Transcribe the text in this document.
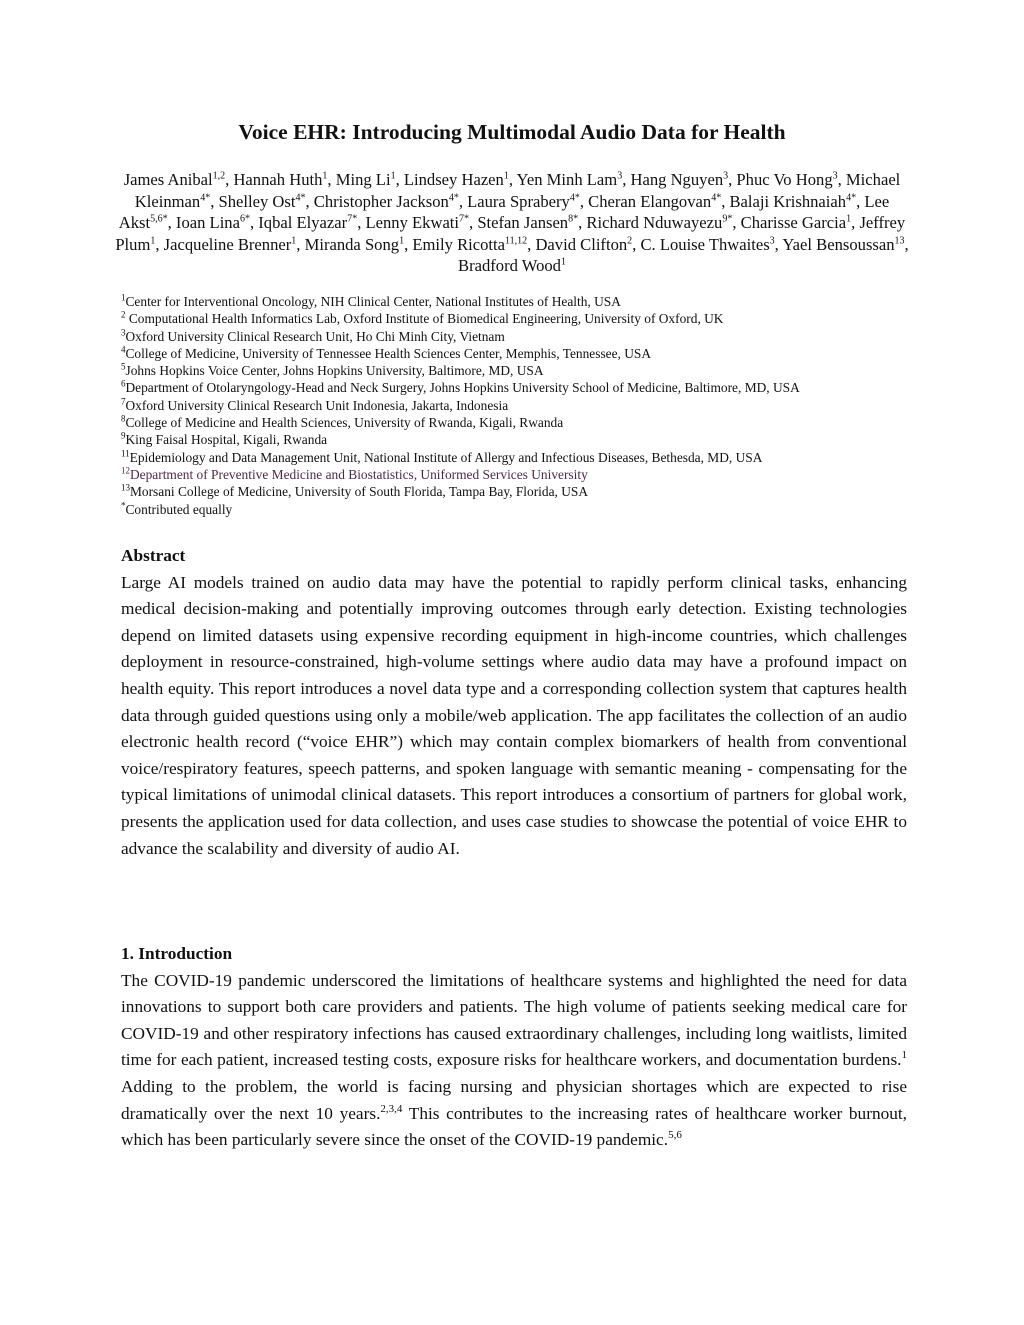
Voice EHR: Introducing Multimodal Audio Data for Health
James Anibal$^{1,2}$, Hannah Huth$^1$, Ming Li$^1$, Lindsey Hazen$^1$, Yen Minh Lam$^3$, Hang Nguyen$^3$, Phuc Vo Hong$^3$, Michael Kleinman$^{4*}$, Shelley Ost$^{4*}$, Christopher Jackson$^{4*}$, Laura Sprabery$^{4*}$, Cheran Elangovan$^{4*}$, Balaji Krishnaiah$^{4*}$, Lee Akst$^{5,6*}$, Ioan Lina$^{6*}$, Iqbal Elyazar$^{7*}$, Lenny Ekwati$^{7*}$, Stefan Jansen$^{8*}$, Richard Nduwayezu$^{9*}$, Charisse Garcia$^1$, Jeffrey Plum$^1$, Jacqueline Brenner$^1$, Miranda Song$^1$, Emily Ricotta$^{11,12}$, David Clifton$^2$, C. Louise Thwaites$^3$, Yael Bensoussan$^{13}$, Bradford Wood$^1$
$^1$Center for Interventional Oncology, NIH Clinical Center, National Institutes of Health, USA
$^2$ Computational Health Informatics Lab, Oxford Institute of Biomedical Engineering, University of Oxford, UK
$^3$Oxford University Clinical Research Unit, Ho Chi Minh City, Vietnam
$^4$College of Medicine, University of Tennessee Health Sciences Center, Memphis, Tennessee, USA
$^5$Johns Hopkins Voice Center, Johns Hopkins University, Baltimore, MD, USA
$^6$Department of Otolaryngology-Head and Neck Surgery, Johns Hopkins University School of Medicine, Baltimore, MD, USA
$^7$Oxford University Clinical Research Unit Indonesia, Jakarta, Indonesia
$^8$College of Medicine and Health Sciences, University of Rwanda, Kigali, Rwanda
$^9$King Faisal Hospital, Kigali, Rwanda
$^{11}$Epidemiology and Data Management Unit, National Institute of Allergy and Infectious Diseases, Bethesda, MD, USA
$^{12}$Department of Preventive Medicine and Biostatistics, Uniformed Services University
$^{13}$Morsani College of Medicine, University of South Florida, Tampa Bay, Florida, USA
*Contributed equally
Abstract
Large AI models trained on audio data may have the potential to rapidly perform clinical tasks, enhancing medical decision-making and potentially improving outcomes through early detection. Existing technologies depend on limited datasets using expensive recording equipment in high-income countries, which challenges deployment in resource-constrained, high-volume settings where audio data may have a profound impact on health equity. This report introduces a novel data type and a corresponding collection system that captures health data through guided questions using only a mobile/web application. The app facilitates the collection of an audio electronic health record (“voice EHR”) which may contain complex biomarkers of health from conventional voice/respiratory features, speech patterns, and spoken language with semantic meaning - compensating for the typical limitations of unimodal clinical datasets. This report introduces a consortium of partners for global work, presents the application used for data collection, and uses case studies to showcase the potential of voice EHR to advance the scalability and diversity of audio AI.
1. Introduction
The COVID-19 pandemic underscored the limitations of healthcare systems and highlighted the need for data innovations to support both care providers and patients. The high volume of patients seeking medical care for COVID-19 and other respiratory infections has caused extraordinary challenges, including long waitlists, limited time for each patient, increased testing costs, exposure risks for healthcare workers, and documentation burdens.$^1$ Adding to the problem, the world is facing nursing and physician shortages which are expected to rise dramatically over the next 10 years.$^{2,3,4}$ This contributes to the increasing rates of healthcare worker burnout, which has been particularly severe since the onset of the COVID-19 pandemic.$^{5,6}$
